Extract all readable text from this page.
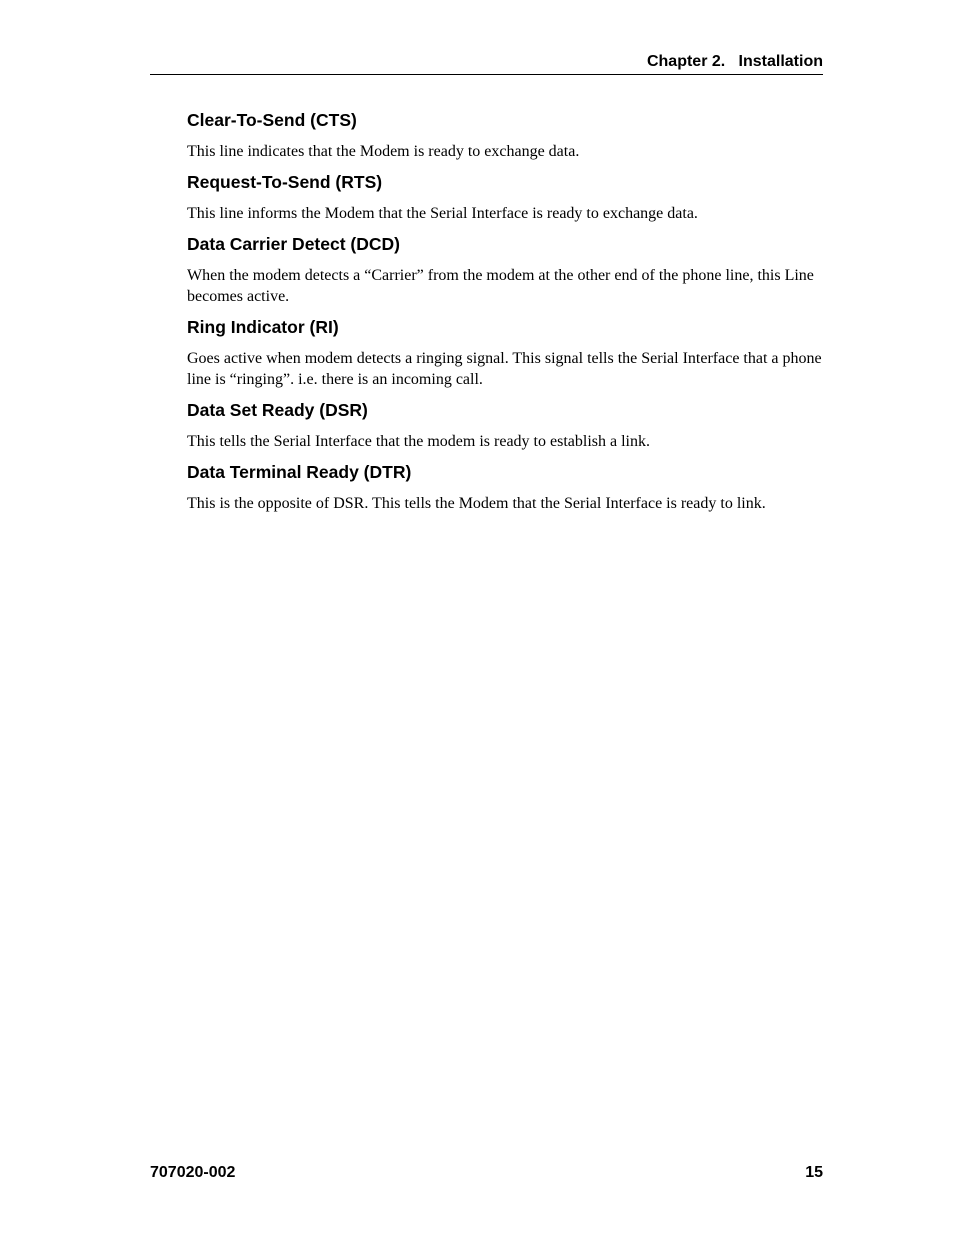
Chapter 2.   Installation
Clear-To-Send (CTS)

This line indicates that the Modem is ready to exchange data.

Request-To-Send (RTS)

This line informs the Modem that the Serial Interface is ready to exchange data.

Data Carrier Detect (DCD)

When the modem detects a “Carrier” from the modem at the other end of the phone line, this Line becomes active.

Ring Indicator (RI)

Goes active when modem detects a ringing signal. This signal tells the Serial Interface that a phone line is “ringing”. i.e. there is an incoming call.

Data Set Ready (DSR)

This tells the Serial Interface that the modem is ready to establish a link.

Data Terminal Ready (DTR)

This is the opposite of DSR. This tells the Modem that the Serial Interface is ready to link.

707020-002	15
